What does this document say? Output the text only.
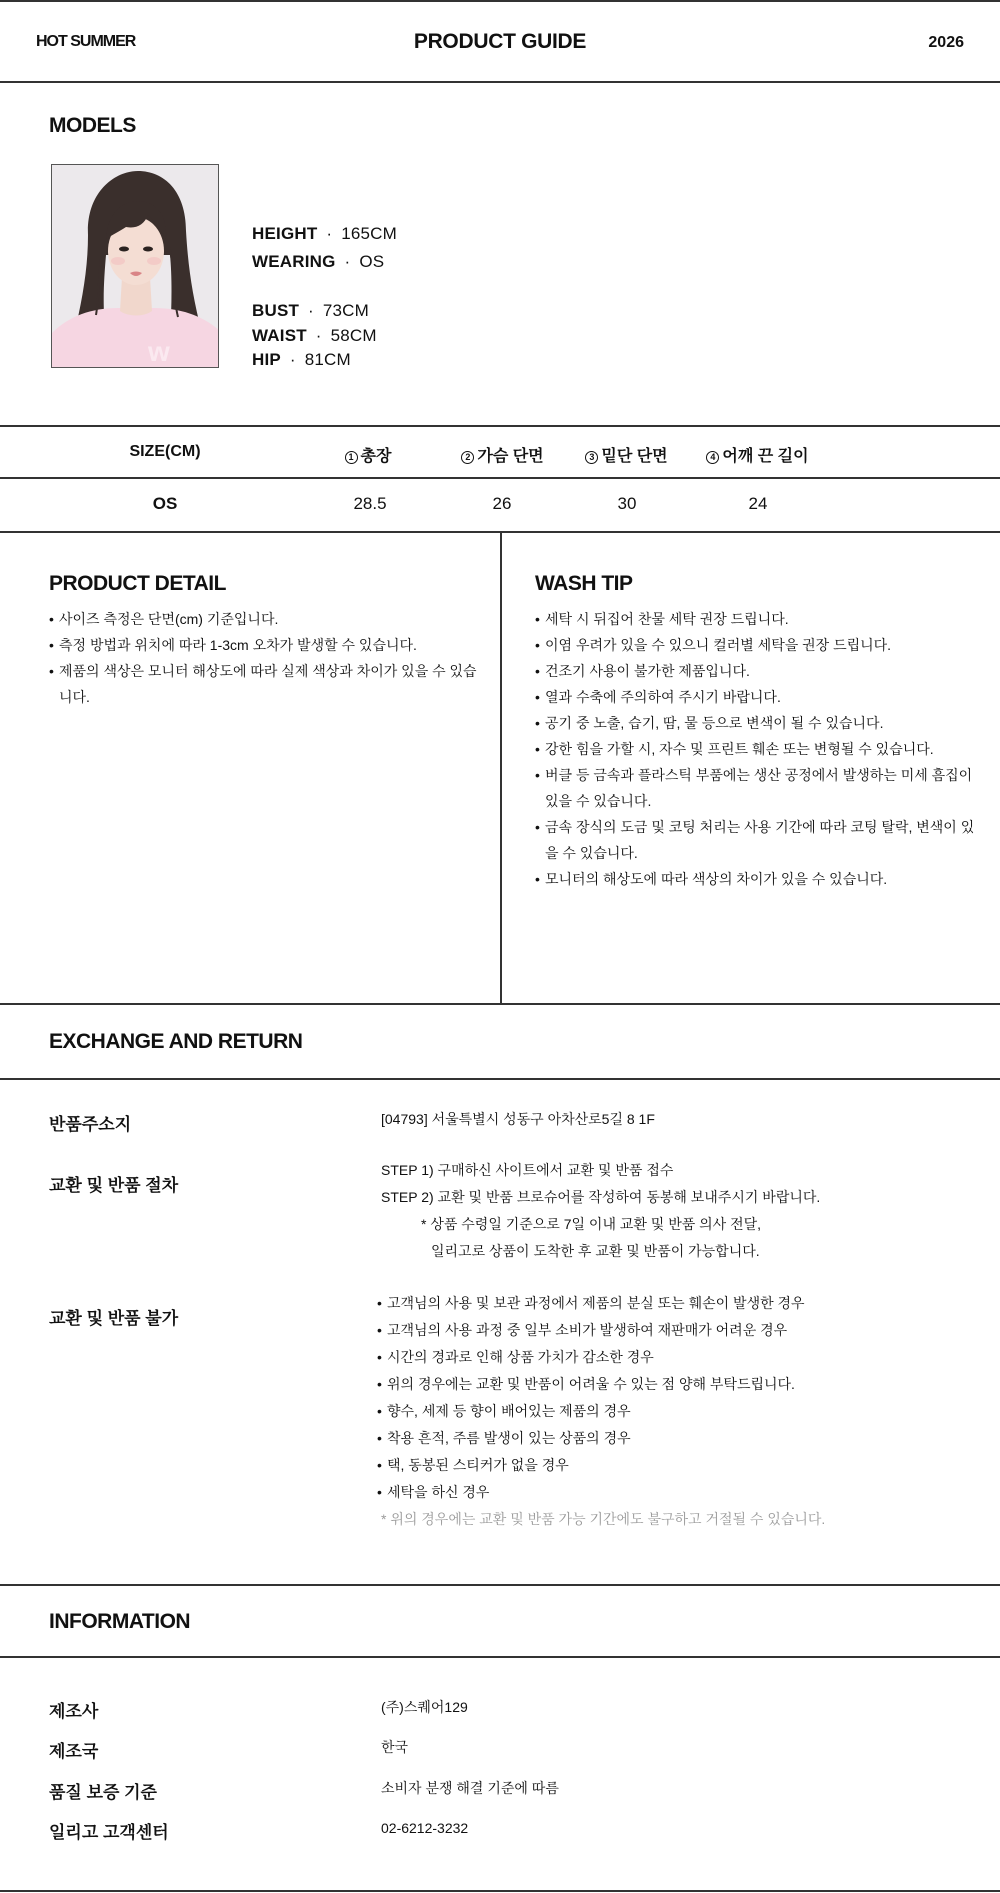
HOT SUMMER	PRODUCT GUIDE	2026
MODELS
w
HEIGHT · 165CM
WEARING · OS
BUST · 73CM
WAIST · 58CM
HIP · 81CM
SIZE(CM)	1 총장	2 가슴 단면	3 밑단 단면	4 어깨 끈 길이
OS	28.5	26	30	24
PRODUCT DETAIL
• 사이즈 측정은 단면(cm) 기준입니다.
• 측정 방법과 위치에 따라 1-3cm 오차가 발생할 수 있습니다.
• 제품의 색상은 모니터 해상도에 따라 실제 색상과 차이가 있을 수 있습니다.
WASH TIP
• 세탁 시 뒤집어 찬물 세탁 권장 드립니다.
• 이염 우려가 있을 수 있으니 컬러별 세탁을 권장 드립니다.
• 건조기 사용이 불가한 제품입니다.
• 열과 수축에 주의하여 주시기 바랍니다.
• 공기 중 노출, 습기, 땀, 물 등으로 변색이 될 수 있습니다.
• 강한 힘을 가할 시, 자수 및 프린트 훼손 또는 변형될 수 있습니다.
• 버클 등 금속과 플라스틱 부품에는 생산 공정에서 발생하는 미세 흠집이 있을 수 있습니다.
• 금속 장식의 도금 및 코팅 처리는 사용 기간에 따라 코팅 탈락, 변색이 있을 수 있습니다.
• 모니터의 해상도에 따라 색상의 차이가 있을 수 있습니다.
EXCHANGE AND RETURN
반품주소지	[04793] 서울특별시 성동구 아차산로5길 8 1F
교환 및 반품 절차
STEP 1) 구매하신 사이트에서 교환 및 반품 접수
STEP 2) 교환 및 반품 브로슈어를 작성하여 동봉해 보내주시기 바랍니다.
* 상품 수령일 기준으로 7일 이내 교환 및 반품 의사 전달,
일리고로 상품이 도착한 후 교환 및 반품이 가능합니다.
교환 및 반품 불가
• 고객님의 사용 및 보관 과정에서 제품의 분실 또는 훼손이 발생한 경우
• 고객님의 사용 과정 중 일부 소비가 발생하여 재판매가 어려운 경우
• 시간의 경과로 인해 상품 가치가 감소한 경우
• 위의 경우에는 교환 및 반품이 어려울 수 있는 점 양해 부탁드립니다.
• 향수, 세제 등 향이 배어있는 제품의 경우
• 착용 흔적, 주름 발생이 있는 상품의 경우
• 택, 동봉된 스티커가 없을 경우
• 세탁을 하신 경우
* 위의 경우에는 교환 및 반품 가능 기간에도 불구하고 거절될 수 있습니다.
INFORMATION
제조사	(주)스퀘어129
제조국	한국
품질 보증 기준	소비자 분쟁 해결 기준에 따름
일리고 고객센터	02-6212-3232
